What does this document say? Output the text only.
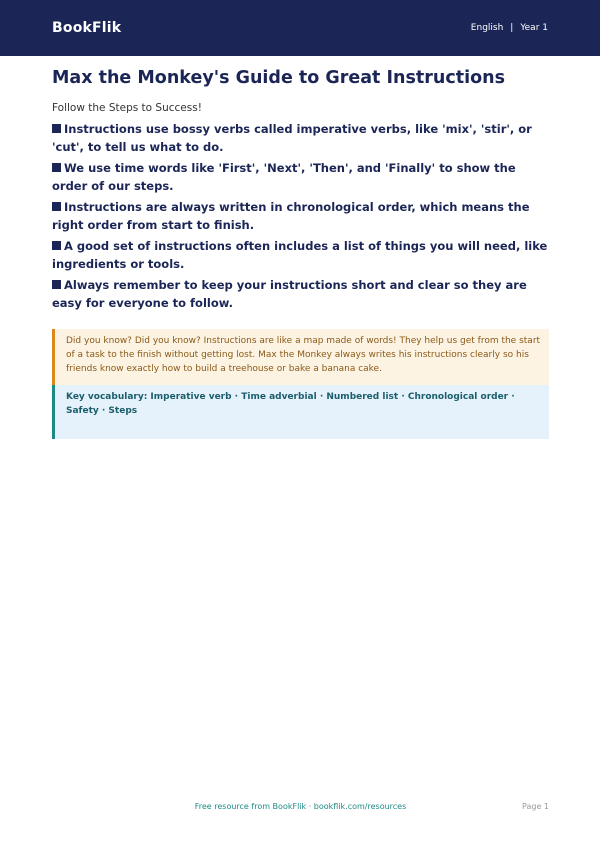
BookFlik	English | Year 1
Max the Monkey's Guide to Great Instructions
Follow the Steps to Success!
Instructions use bossy verbs called imperative verbs, like 'mix', 'stir', or 'cut', to tell us what to do.
We use time words like 'First', 'Next', 'Then', and 'Finally' to show the order of our steps.
Instructions are always written in chronological order, which means the right order from start to finish.
A good set of instructions often includes a list of things you will need, like ingredients or tools.
Always remember to keep your instructions short and clear so they are easy for everyone to follow.
Did you know? Did you know? Instructions are like a map made of words! They help us get from the start of a task to the finish without getting lost. Max the Monkey always writes his instructions clearly so his friends know exactly how to build a treehouse or bake a banana cake.
Key vocabulary: Imperative verb · Time adverbial · Numbered list · Chronological order · Safety · Steps
Free resource from BookFlik · bookflik.com/resources	Page 1
